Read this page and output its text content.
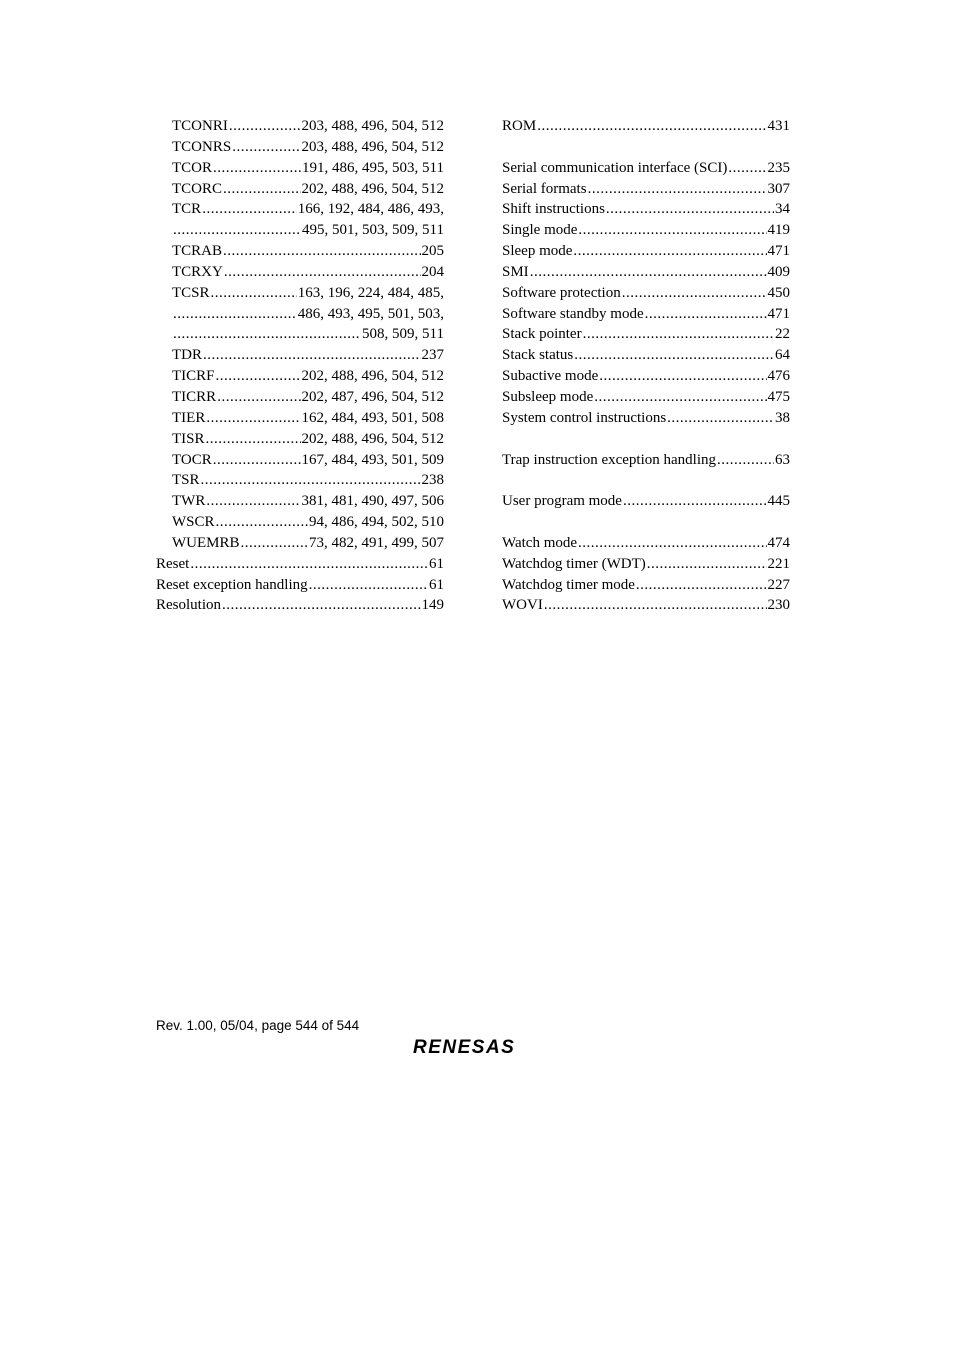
TCONRI .....	203, 488, 496, 504, 512
TCONRS .....	203, 488, 496, 504, 512
TCOR .....	191, 486, 495, 503, 511
TCORC .....	202, 488, 496, 504, 512
TCR .....	166, 192, 484, 486, 493,
.....
495, 501, 503, 509, 511
TCRAB .....	205
TCRXY .....	204
TCSR .....	163, 196, 224, 484, 485,
.....
486, 493, 495, 501, 503,
.....
508, 509, 511
TDR .....	237
TICRF .....	202, 488, 496, 504, 512
TICRR .....	202, 487, 496, 504, 512
TIER .....	162, 484, 493, 501, 508
TISR .....	202, 488, 496, 504, 512
TOCR .....	167, 484, 493, 501, 509
TSR .....	238
TWR .....	381, 481, 490, 497, 506
WSCR .....	94, 486, 494, 502, 510
WUEMRB .....	73, 482, 491, 499, 507
Reset .....	61
Reset exception handling .....	61
Resolution .....	149
ROM .....	431
Serial communication interface (SCI) .....	235
Serial formats .....	307
Shift instructions .....	34
Single mode .....	419
Sleep mode .....	471
SMI .....	409
Software protection .....	450
Software standby mode .....	471
Stack pointer .....	22
Stack status .....	64
Subactive mode .....	476
Subsleep mode .....	475
System control instructions .....	38
Trap instruction exception handling .....	63
User program mode .....	445
Watch mode .....	474
Watchdog timer (WDT) .....	221
Watchdog timer mode .....	227
WOVI .....	230
Rev. 1.00, 05/04, page 544 of 544
RENESAS
